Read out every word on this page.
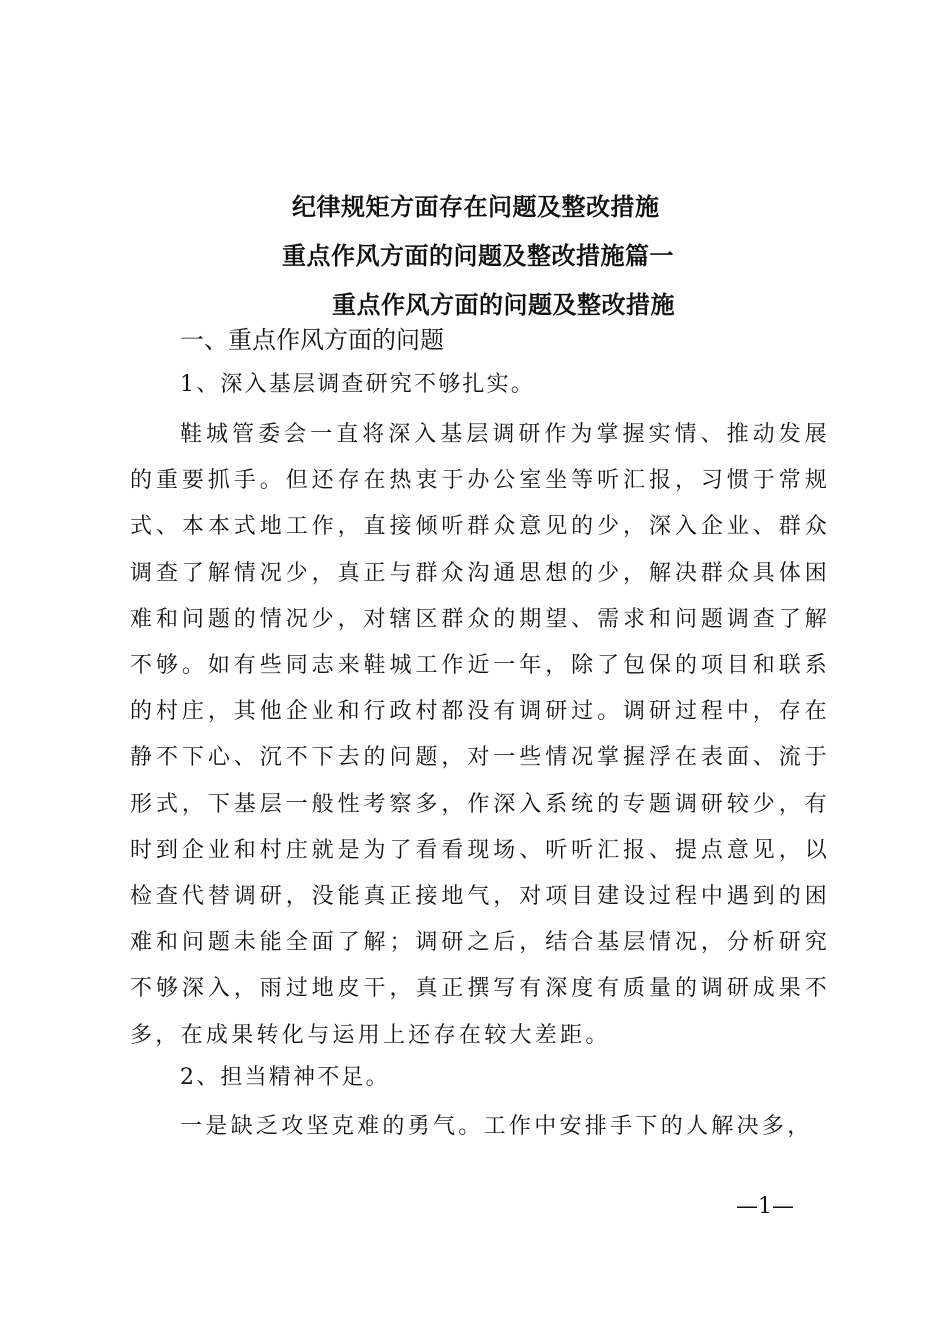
纪律规矩方面存在问题及整改措施
重点作风方面的问题及整改措施篇一
重点作风方面的问题及整改措施
一、重点作风方面的问题
1、深入基层调查研究不够扎实。

鞋城管委会一直将深入基层调研作为掌握实情、推动发展的重要抓手。但还存在热衷于办公室坐等听汇报，习惯于常规式、本本式地工作，直接倾听群众意见的少，深入企业、群众调查了解情况少，真正与群众沟通思想的少，解决群众具体困难和问题的情况少，对辖区群众的期望、需求和问题调查了解不够。如有些同志来鞋城工作近一年，除了包保的项目和联系的村庄，其他企业和行政村都没有调研过。调研过程中，存在静不下心、沉不下去的问题，对一些情况掌握浮在表面、流于形式，下基层一般性考察多，作深入系统的专题调研较少，有时到企业和村庄就是为了看看现场、听听汇报、提点意见，以检查代替调研，没能真正接地气，对项目建设过程中遇到的困难和问题未能全面了解；调研之后，结合基层情况，分析研究不够深入，雨过地皮干，真正撰写有深度有质量的调研成果不多，在成果转化与运用上还存在较大差距。

2、担当精神不足。

一是缺乏攻坚克难的勇气。工作中安排手下的人解决多，

—1—
